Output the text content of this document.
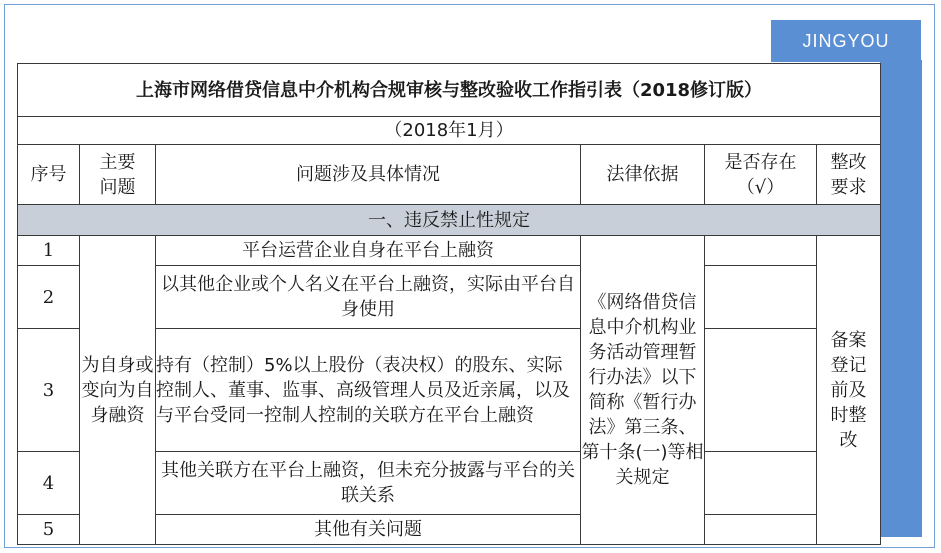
JINGYOU
上海市网络借贷信息中介机构合规审核与整改验收工作指引表（2018修订版）					
（2018年1月）					
序号	主要问题	问题涉及具体情况	法律依据	是否存在（√）	整改要求
一、违反禁止性规定					
1	为自身或变向为自身融资	平台运营企业自身在平台上融资	《网络借贷信息中介机构业务活动管理暂行办法》以下简称《暂行办法》第三条、第十条(一)等相关规定		备案登记前及时整改
2		以其他企业或个人名义在平台上融资，实际由平台自身使用			
3		持有（控制）5%以上股份（表决权）的股东、实际控制人、董事、监事、高级管理人员及近亲属，以及与平台受同一控制人控制的关联方在平台上融资			
4		其他关联方在平台上融资，但未充分披露与平台的关联关系			
5		其他有关问题			
